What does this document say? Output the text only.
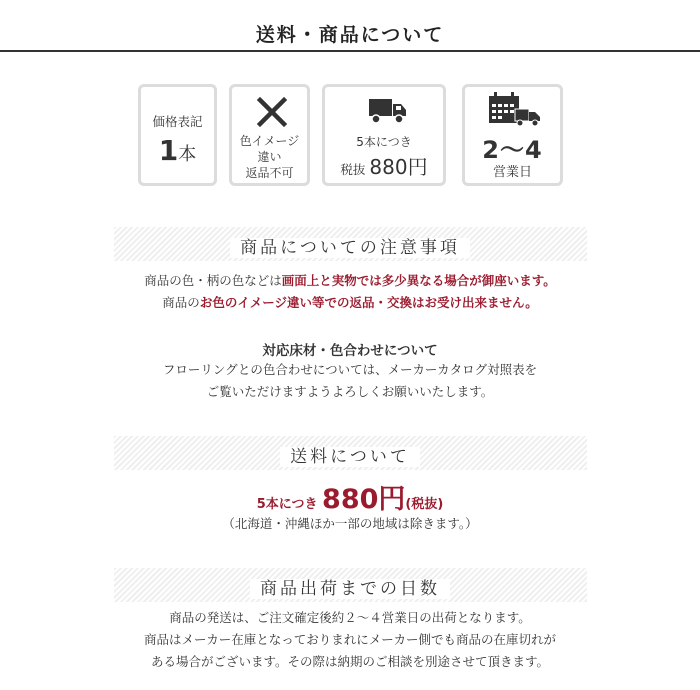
送料・商品について
価格表記
1本
色イメージ
違い
返品不可
5本につき
税抜 880円
2～4
営業日
商品についての注意事項
商品の色・柄の色などは画面上と実物では多少異なる場合が御座います。
商品のお色のイメージ違い等での返品・交換はお受け出来ません。
対応床材・色合わせについて
フローリングとの色合わせについては、メーカーカタログ対照表を
ご覧いただけますようよろしくお願いいたします。
送料について
5本につき 880円(税抜)
（北海道・沖縄ほか一部の地域は除きます。）
商品出荷までの日数
商品の発送は、ご注文確定後約２～４営業日の出荷となります。
商品はメーカー在庫となっておりまれにメーカー側でも商品の在庫切れが
ある場合がございます。その際は納期のご相談を別途させて頂きます。
